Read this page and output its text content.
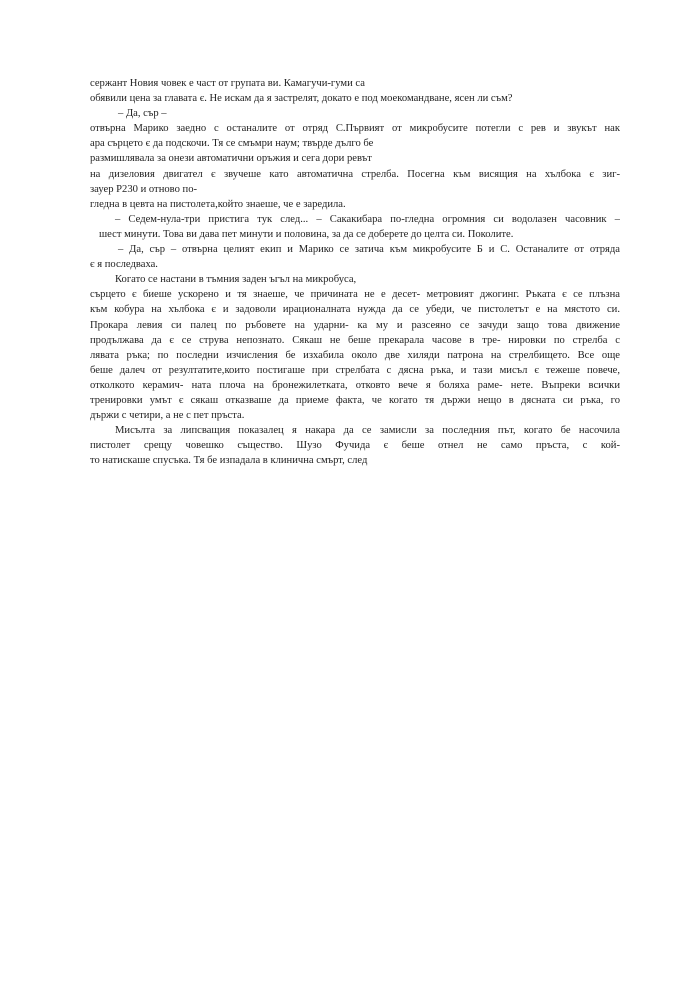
сержант Новия човек е част от групата ви. Камагучи-гуми са
обявили цена за главата є. Не искам да я застрелят, докато е под моекомандване, ясен ли съм?
– Да, сър –
отвърна Марико заедно с останалите от отряд С.Първият от микробусите потегли с рев и звукът нак
ара сърцето є да подскочи. Тя се смъмри наум; твърде дълго бе
размишлявала за онези автоматични оръжия и сега дори ревът
на дизеловия двигател є звучеше като автоматична стрелба. Посегна към висящия на хълбока є зиг-
зауер P230 и отново по-
гледна в цевта на пистолета,който знаеше, че е заредила.
– Седем-нула-три пристига тук след... – Сакакибара по-гледна огромния си водолазен часовник –
шест минути. Това ви дава пет минути и половина, за да се доберете до целта си. Поколите.
– Да, сър – отвърна целият екип и Марико се затича към микробусите Б и С. Останалите от отряда
є я последваха.
Когато се настани в тъмния заден ъгъл на микробуса,
сърцето є биеше ускорено и тя знаеше, че причината не е десет- метровият джогинг. Ръката є се плъзна
към кобура на хълбока є и задоволи ирационалната нужда да се убеди, че пистолетът е на мястото си.
Прокара левия си палец по ръбовете на ударни- ка му и разсеяно се зачуди защо това движение
продължава да є се струва непознато. Сякаш не беше прекарала часове в тре- нировки по стрелба с
лявата ръка; по последни изчисления бе изхабила около две хиляди патрона на стрелбището. Все още
беше далеч от резултатите,които постигаше при стрелбата с дясна ръка, и тази мисъл є тежеше повече,
отколкото керамич- ната плоча на бронежилетката, отковто вече я боляха раме- нете. Въпреки всички
тренировки умът є сякаш отказваше да приеме факта, че когато тя държи нещо в дясната си ръка, го
държи с четири, а не с пет пръста.
Мисълта за липсващия показалец я накара да се замисли за последния път, когато бе насочила
пистолет срещу човешко същество. Шузо Фучида є беше отнел не само пръста, с кой-
то натискаше спусъка. Тя бе изпадала в клинична смърт, след
